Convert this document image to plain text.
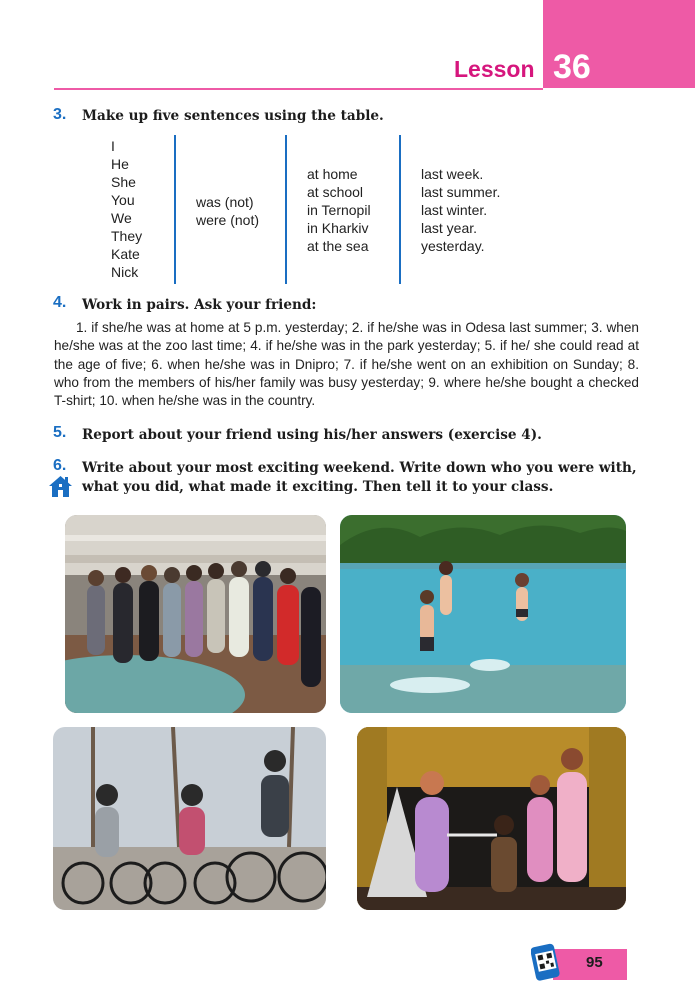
36
Lesson
3. Make up five sentences using the table.
I
He
She
You
We
They
Kate
Nick
was (not)
were (not)
at home
at school
in Ternopil
in Kharkiv
at the sea
last week.
last summer.
last winter.
last year.
yesterday.
4. Work in pairs. Ask your friend:
1. if she/he was at home at 5 p.m. yesterday; 2. if he/she was in Odesa last summer; 3. when he/she was at the zoo last time; 4. if he/she was in the park yesterday; 5. if he/ she could read at the age of five; 6. when he/she was in Dnipro; 7. if he/she went on an exhibition on Sunday; 8. who from the members of his/her family was busy yesterday; 9. where he/she bought a checked T-shirt; 10. when he/she was in the country.
5. Report about your friend using his/her answers (exercise 4).
6. Write about your most exciting weekend. Write down who you were with,
what you did, what made it exciting. Then tell it to your class.
95
